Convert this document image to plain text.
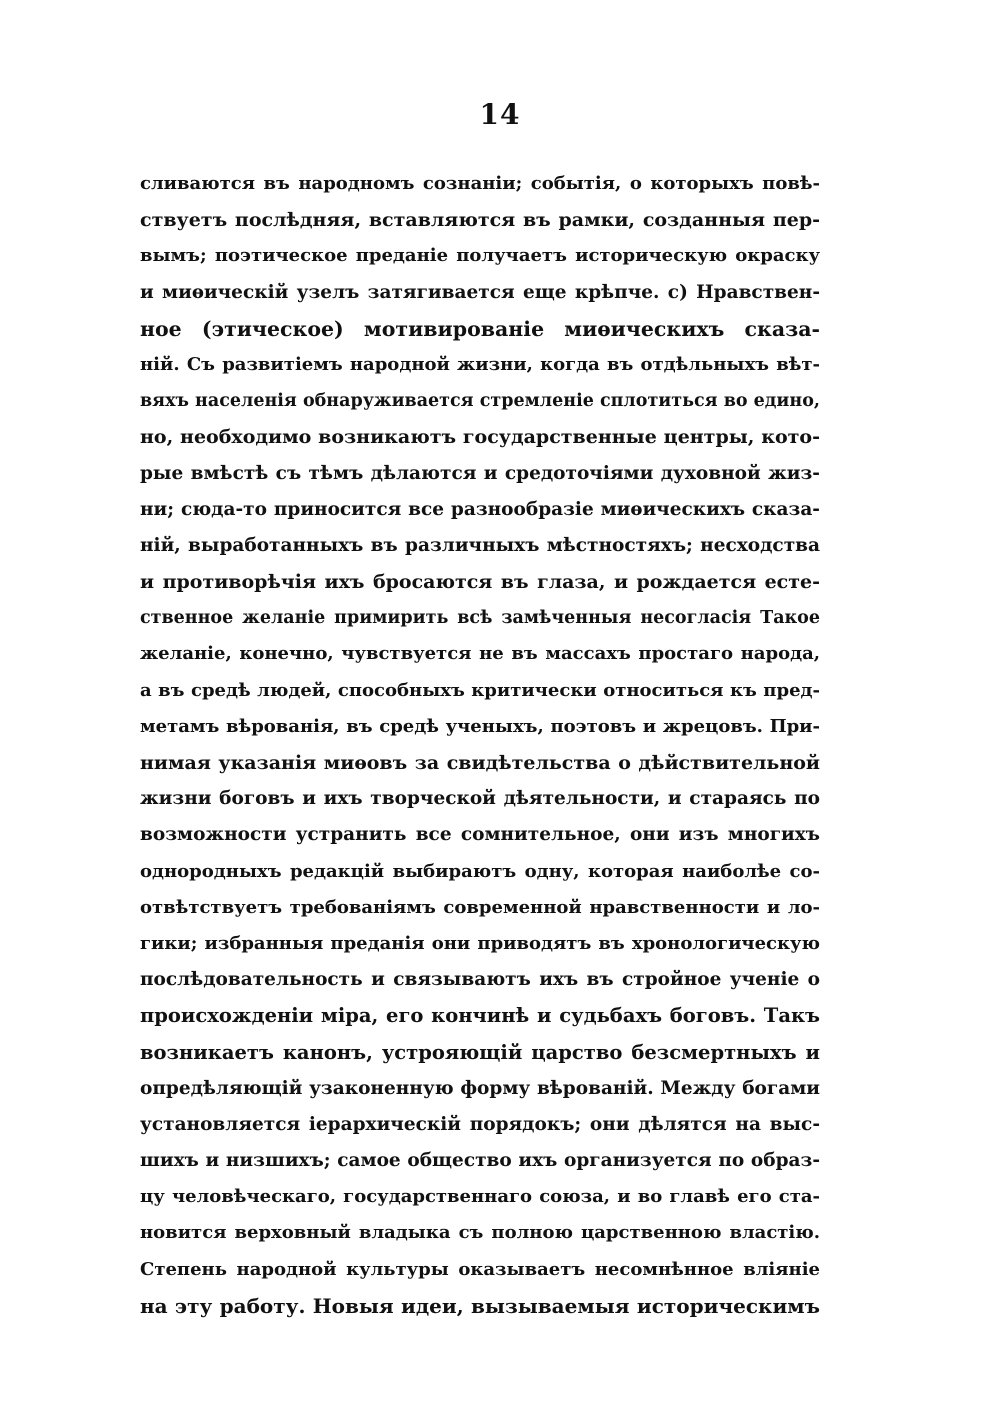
14
сливаются въ народномъ сознанiи; событiя, о которыхъ повѣ-
ствуетъ послѣдняя, вставляются въ рамки, созданныя пер-
вымъ; поэтическое преданiе получаетъ историческую окраску
и миѳическiй узелъ затягивается еще крѣпче. с) Нравствен-
ное (этическое) мотивированiе миѳическихъ сказа-
нiй. Съ развитiемъ народной жизни, когда въ отдѣльныхъ вѣт-
вяхъ населенiя обнаруживается стремленiе сплотиться во едино,
но, необходимо возникаютъ государственные центры, кото-
рые вмѣстѣ съ тѣмъ дѣлаются и средоточiями духовной жиз-
ни; сюда-то приносится все разнообразiе миѳическихъ сказа-
нiй, выработанныхъ въ различныхъ мѣстностяхъ; несходства
и противорѣчiя ихъ бросаются въ глаза, и рождается есте-
ственное желанiе примирить всѣ замѣченныя несогласiя Такое
желанiе, конечно, чувствуется не въ массахъ простаго народа,
а въ средѣ людей, способныхъ критически относиться къ пред-
метамъ вѣрованiя, въ средѣ ученыхъ, поэтовъ и жрецовъ. При-
нимая указанiя миѳовъ за свидѣтельства о дѣйствительной
жизни боговъ и ихъ творческой дѣятельности, и стараясь по
возможности устранить все сомнительное, они изъ многихъ
однородныхъ редакцiй выбираютъ одну, которая наиболѣе со-
отвѣтствуетъ требованiямъ современной нравственности и ло-
гики; избранныя преданiя они приводятъ въ хронологическую
послѣдовательность и связываютъ ихъ въ стройное ученiе о
происхожденiи мiра, его кончинѣ и судьбахъ боговъ. Такъ
возникаетъ канонъ, устрояющiй царство безсмертныхъ и
опредѣляющiй узаконенную форму вѣрованiй. Между богами
установляется iерархическiй порядокъ; они дѣлятся на выс-
шихъ и низшихъ; самое общество ихъ организуется по образ-
цу человѣческаго, государственнаго союза, и во главѣ его ста-
новится верховный владыка съ полною царственною властiю.
Степень народной культуры оказываетъ несомнѣнное влiянiе
на эту работу. Новыя идеи, вызываемыя историческимъ
